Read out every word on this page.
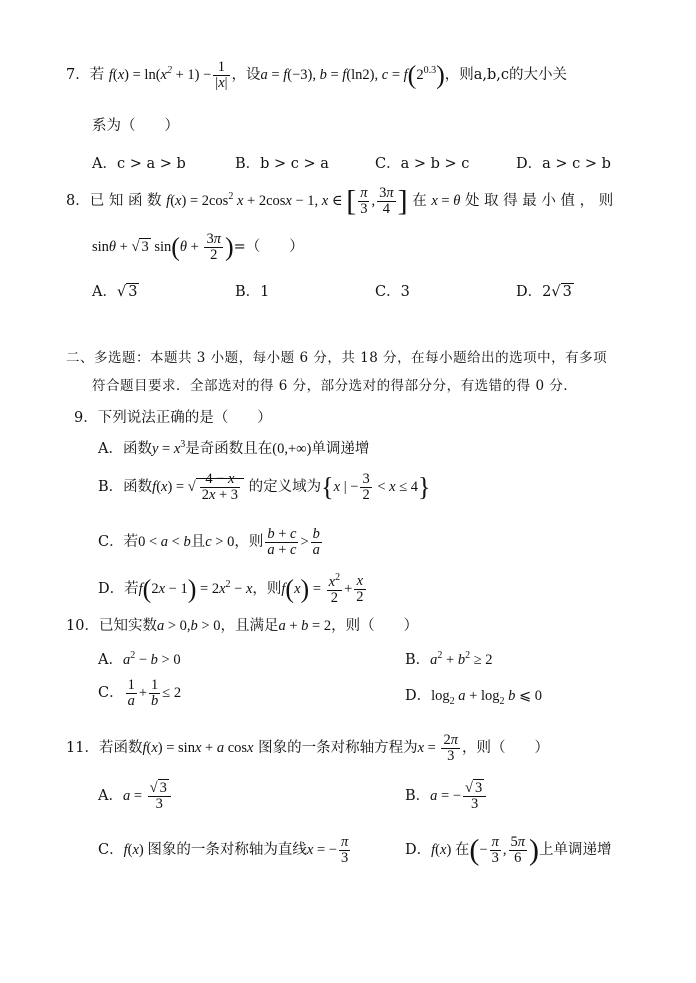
7．若 $f(x) = \ln(x^2 + 1) - \frac{1}{|x|}$ ，设a = f(−3), b = f(ln2), $c = f(2^{0.3})$，则a,b,c的大小关
系为（　　）
A．c > a > b	B．b > c > a	C．a > b > c	D．a > c > b
8．已 知 函 数 $f(x) = 2\cos^2$ x + 2cosx − 1, x ∈ [ $\frac{\pi}{3}$ , $\frac{3\pi}{4}$ ] 在 x = θ 处 取 得 最 小 值 ， 则
sinθ + √ 3 $\sin(\theta + \frac{3\pi}{2}$ )=（　　）
A．√ 3	B．1	C．3	D．2√ 3
二、多选题：本题共 3 小题，每小题 6 分，共 18 分，在每小题给出的选项中，有多项
符合题目要求．全部选对的得 6 分，部分选对的得部分分，有选错的得 0 分．
9．下列说法正确的是（　　）
A．函数$y = x^3$是奇函数且在(0,+∞)单调递增
B．函数f(x) = √ $\frac{4 - x}{2x + 3}$ 的定义域为{x | − $\frac{3}{2} < x \le 4$}
C．若0 < a < b且c > 0，则 $\frac{b + c}{a + c} > \frac{b}{a}$
D．若$f(2x - 1) = 2x^2 - x$，则$f(x) = \frac{x^2}{2} + \frac{x}{2}$
10．已知实数a > 0,b > 0，且满足a + b = 2，则（　　）
A．$a^2 - b > 0$	B．$a^2 + b^2 \ge 2$
C． $\frac{1}{a} + \frac{1}{b} \le 2$	D．$\log_2 a + \log_2 b$ ⩽ 0
11．若函数f(x) = sinx + a cosx 图象的一条对称轴方程为$x = \frac{2\pi}{3}$ ，则（　　）
A．$a = \frac{√ 3}{3}$	B．a = − $\frac{√ 3}{3}$
C．f(x) 图象的一条对称轴为直线x = − $\frac{\pi}{3}$	D．f(x) 在(− $\frac{\pi}{3}$ , $\frac{5\pi}{6}$ )上单调递增
